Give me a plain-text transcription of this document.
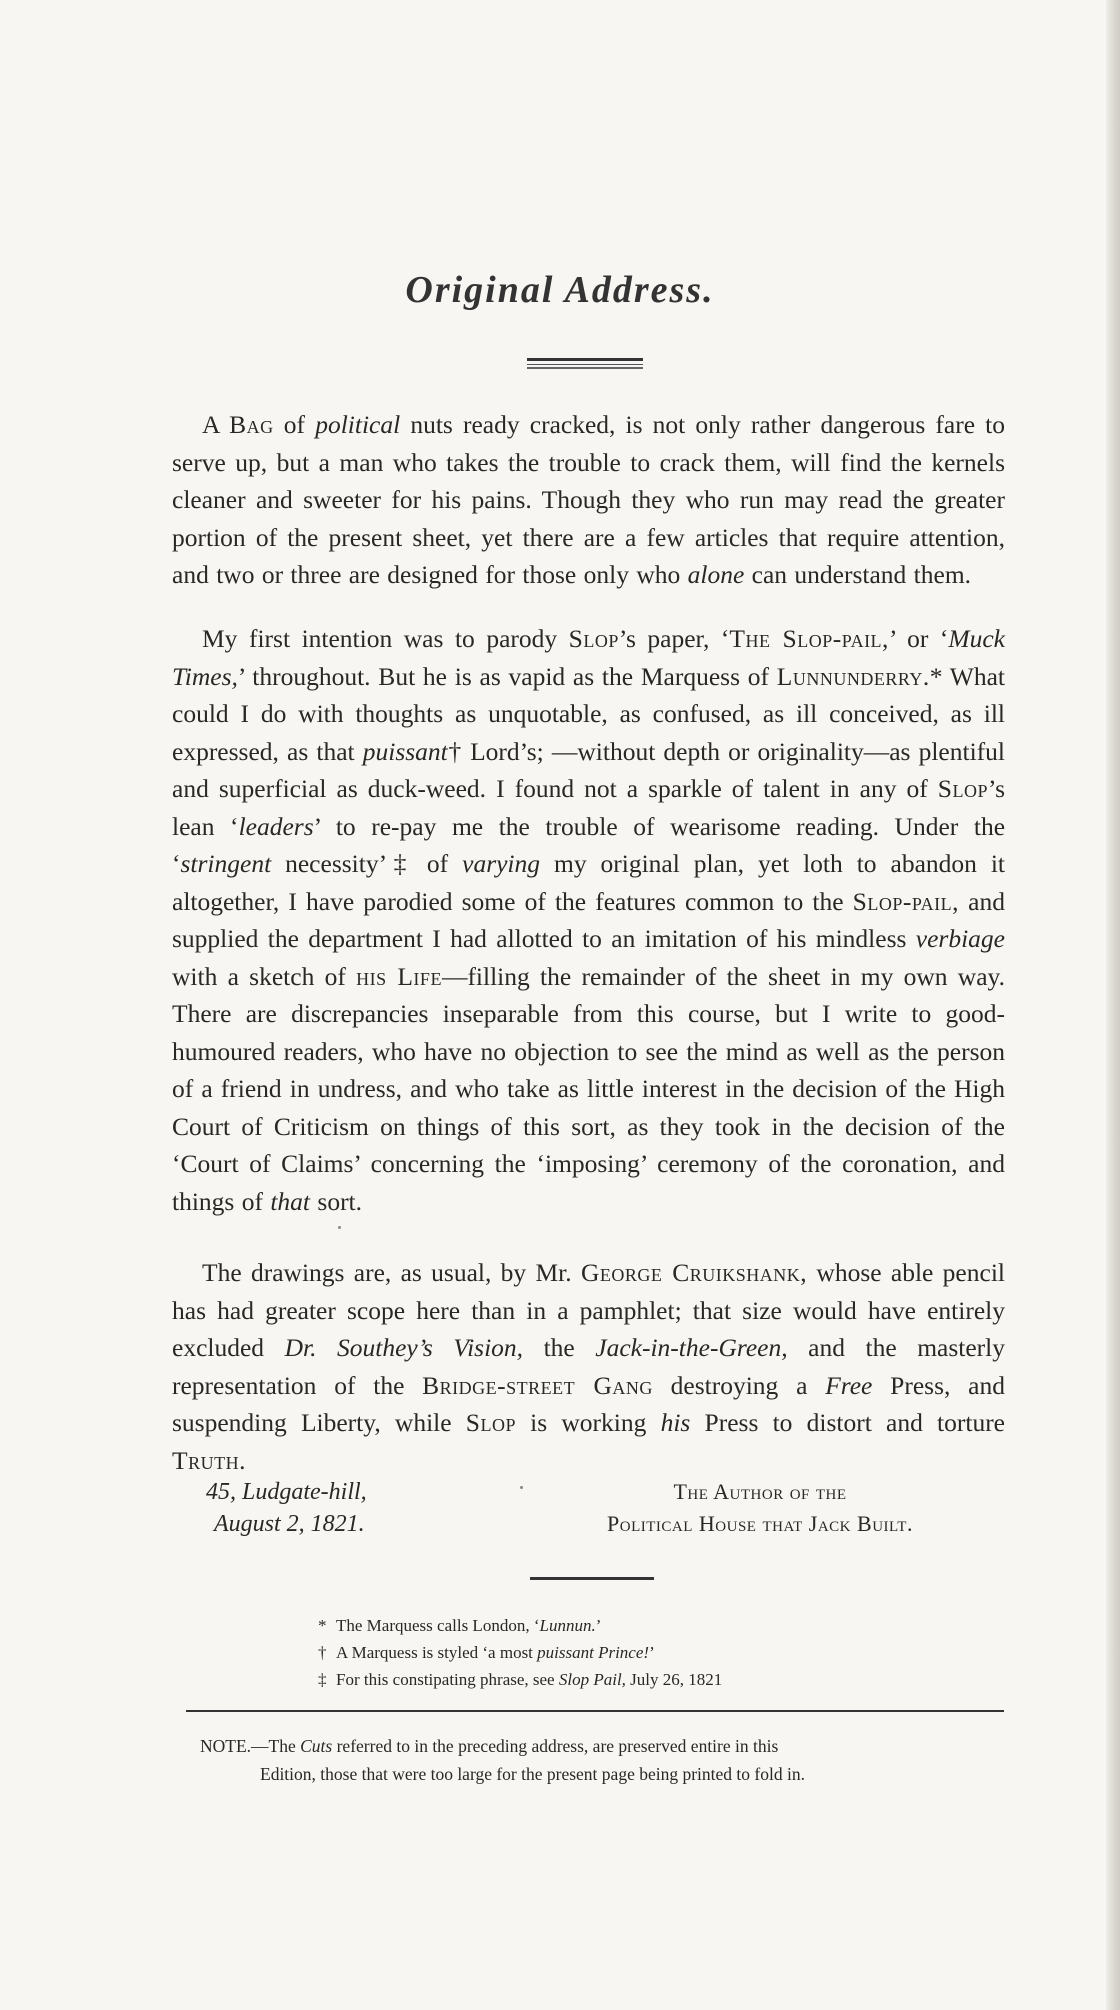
Original Address.

A Bag of political nuts ready cracked, is not only rather dangerous fare to serve up, but a man who takes the trouble to crack them, will find the kernels cleaner and sweeter for his pains. Though they who run may read the greater portion of the present sheet, yet there are a few articles that require attention, and two or three are designed for those only who alone can understand them.

My first intention was to parody Slop’s paper, ‘The Slop-pail,’ or ‘Muck Times,’ throughout. But he is as vapid as the Marquess of Lunnunderry.* What could I do with thoughts as unquotable, as confused, as ill conceived, as ill expressed, as that puissant† Lord’s; —without depth or originality—as plentiful and superficial as duck-weed. I found not a sparkle of talent in any of Slop’s lean ‘leaders’ to re-pay me the trouble of wearisome reading. Under the ‘stringent necessity’‡ of varying my original plan, yet loth to abandon it altogether, I have parodied some of the features common to the Slop-pail, and supplied the department I had allotted to an imitation of his mindless verbiage with a sketch of his Life—filling the remainder of the sheet in my own way. There are discrepancies inseparable from this course, but I write to good-humoured readers, who have no objection to see the mind as well as the person of a friend in undress, and who take as little interest in the decision of the High Court of Criticism on things of this sort, as they took in the decision of the ‘Court of Claims’ concerning the ‘imposing’ ceremony of the coronation, and things of that sort.

The drawings are, as usual, by Mr. George Cruikshank, whose able pencil has had greater scope here than in a pamphlet; that size would have entirely excluded Dr. Southey’s Vision, the Jack-in-the-Green, and the masterly representation of the Bridge-street Gang destroying a Free Press, and suspending Liberty, while Slop is working his Press to distort and torture Truth.

45, Ludgate-hill,
August 2, 1821.
The Author of the
Political House that Jack Built.
* The Marquess calls London, ‘Lunnun.’
† A Marquess is styled ‘a most puissant Prince!’
‡ For this constipating phrase, see Slop Pail, July 26, 1821
NOTE.—The Cuts referred to in the preceding address, are preserved entire in this
Edition, those that were too large for the present page being printed to fold in.
